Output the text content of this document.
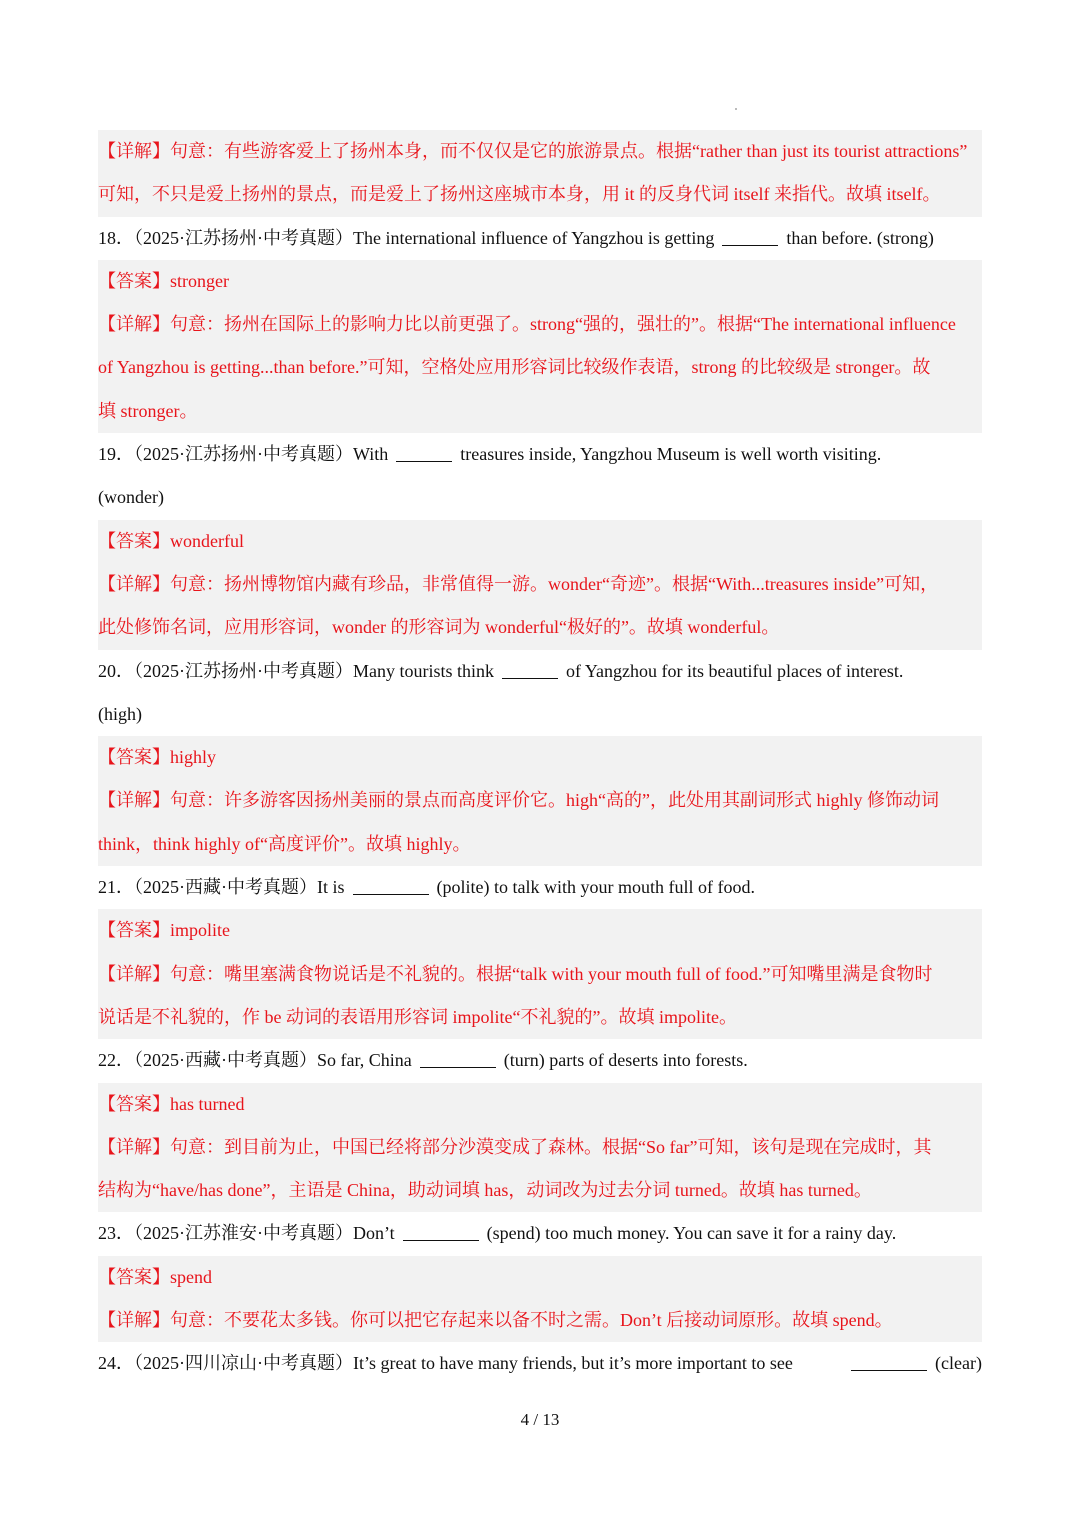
【详解】句意：有些游客爱上了扬州本身，而不仅仅是它的旅游景点。根据“rather than just its tourist attractions”
可知，不只是爱上扬州的景点，而是爱上了扬州这座城市本身，用 it 的反身代词 itself 来指代。故填 itself。
18．（2025·江苏扬州·中考真题）The international influence of Yangzhou is getting	than before. (strong)
【答案】stronger
【详解】句意：扬州在国际上的影响力比以前更强了。strong“强的，强壮的”。根据“The international influence
of Yangzhou is getting...than before.”可知，空格处应用形容词比较级作表语，strong 的比较级是 stronger。故
填 stronger。
19．（2025·江苏扬州·中考真题）With	treasures inside, Yangzhou Museum is well worth visiting.
(wonder)
【答案】wonderful
【详解】句意：扬州博物馆内藏有珍品，非常值得一游。wonder“奇迹”。根据“With...treasures inside”可知，
此处修饰名词，应用形容词，wonder 的形容词为 wonderful“极好的”。故填 wonderful。
20．（2025·江苏扬州·中考真题）Many tourists think	of Yangzhou for its beautiful places of interest.
(high)
【答案】highly
【详解】句意：许多游客因扬州美丽的景点而高度评价它。high“高的”，此处用其副词形式 highly 修饰动词
think，think highly of“高度评价”。故填 highly。
21．（2025·西藏·中考真题）It is	(polite) to talk with your mouth full of food.
【答案】impolite
【详解】句意：嘴里塞满食物说话是不礼貌的。根据“talk with your mouth full of food.”可知嘴里满是食物时
说话是不礼貌的，作 be 动词的表语用形容词 impolite“不礼貌的”。故填 impolite。
22．（2025·西藏·中考真题）So far, China	(turn) parts of deserts into forests.
【答案】has turned
【详解】句意：到目前为止，中国已经将部分沙漠变成了森林。根据“So far”可知，该句是现在完成时，其
结构为“have/has done”，主语是 China，助动词填 has，动词改为过去分词 turned。故填 has turned。
23．（2025·江苏淮安·中考真题）Don’t	(spend) too much money. You can save it for a rainy day.
【答案】spend
【详解】句意：不要花太多钱。你可以把它存起来以备不时之需。Don’t 后接动词原形。故填 spend。
24．（2025·四川凉山·中考真题）It’s great to have many friends, but it’s more important to see	(clear)
4 / 13
